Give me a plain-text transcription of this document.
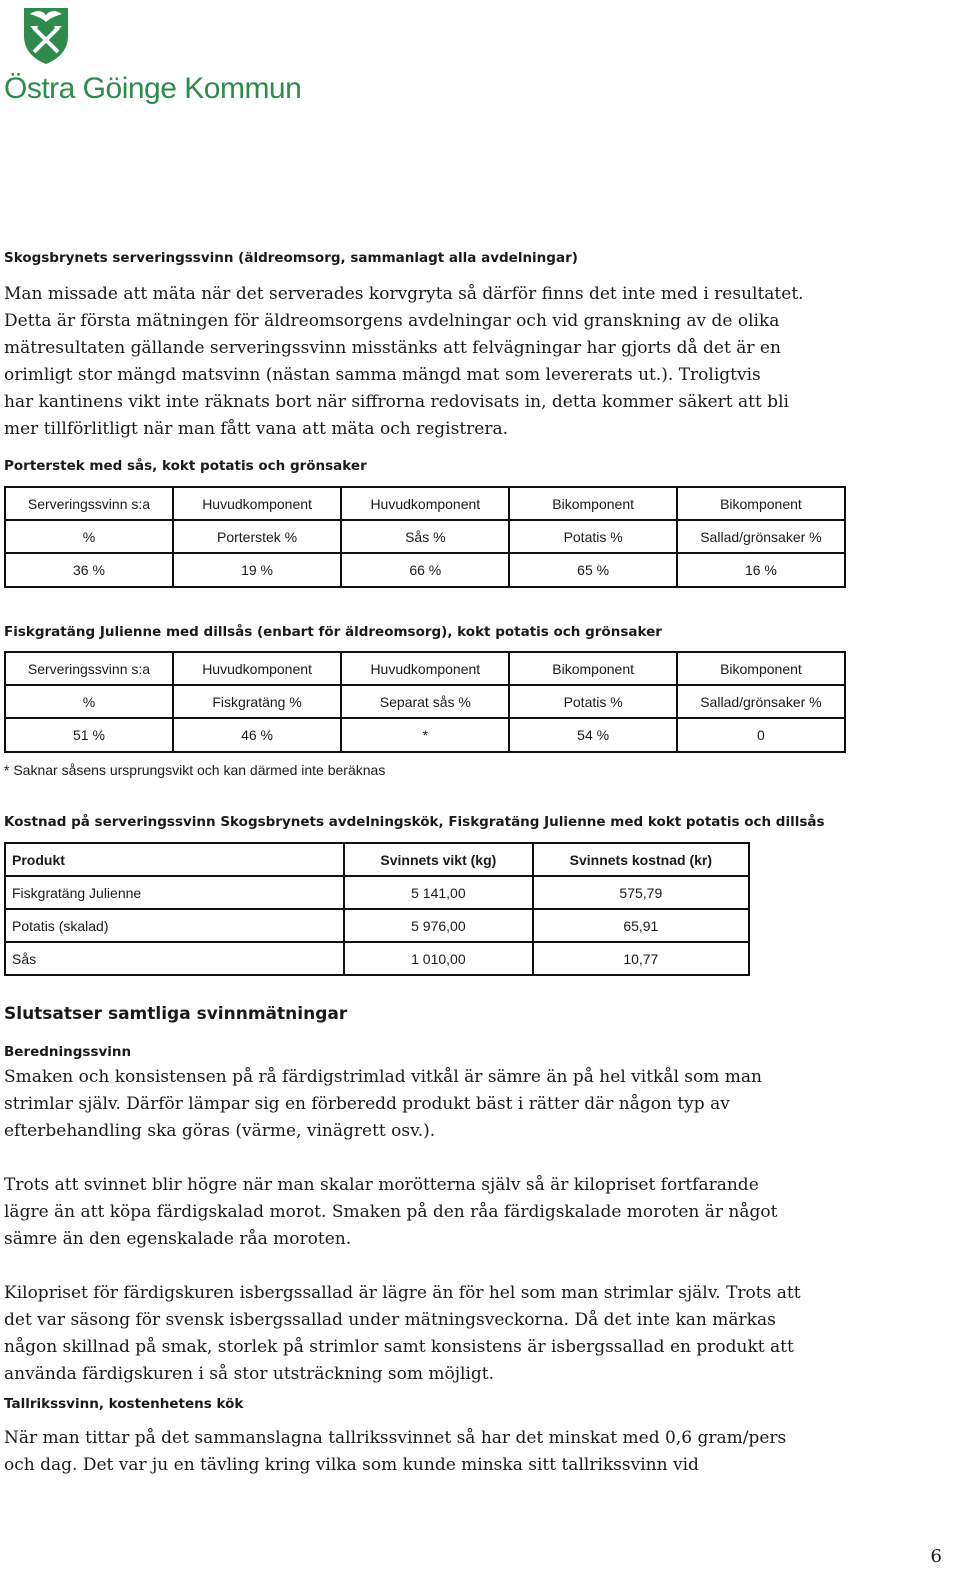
Östra Göinge Kommun
Skogsbrynets serveringssvinn (äldreomsorg, sammanlagt alla avdelningar)
Man missade att mäta när det serverades korvgryta så därför finns det inte med i resultatet.
Detta är första mätningen för äldreomsorgens avdelningar och vid granskning av de olika
mätresultaten gällande serveringssvinn misstänks att felvägningar har gjorts då det är en
orimligt stor mängd matsvinn (nästan samma mängd mat som levererats ut.). Troligtvis
har kantinens vikt inte räknats bort när siffrorna redovisats in, detta kommer säkert att bli
mer tillförlitligt när man fått vana att mäta och registrera.
Porterstek med sås, kokt potatis och grönsaker
Serveringssvinn s:a	Huvudkomponent	Huvudkomponent	Bikomponent	Bikomponent
%	Porterstek %	Sås %	Potatis %	Sallad/grönsaker %
36 %	19 %	66 %	65 %	16 %
Fiskgratäng Julienne med dillsås (enbart för äldreomsorg), kokt potatis och grönsaker
Serveringssvinn s:a	Huvudkomponent	Huvudkomponent	Bikomponent	Bikomponent
%	Fiskgratäng %	Separat sås %	Potatis %	Sallad/grönsaker %
51 %	46 %	*	54 %	0
* Saknar såsens ursprungsvikt och kan därmed inte beräknas
Kostnad på serveringssvinn Skogsbrynets avdelningskök, Fiskgratäng Julienne med kokt potatis och dillsås
Produkt	Svinnets vikt (kg)	Svinnets kostnad (kr)
Fiskgratäng Julienne	5 141,00	575,79
Potatis (skalad)	5 976,00	65,91
Sås	1 010,00	10,77
Slutsatser samtliga svinnmätningar
Beredningssvinn
Smaken och konsistensen på rå färdigstrimlad vitkål är sämre än på hel vitkål som man
strimlar själv. Därför lämpar sig en förberedd produkt bäst i rätter där någon typ av
efterbehandling ska göras (värme, vinägrett osv.).
Trots att svinnet blir högre när man skalar morötterna själv så är kilopriset fortfarande
lägre än att köpa färdigskalad morot. Smaken på den råa färdigskalade moroten är något
sämre än den egenskalade råa moroten.
Kilopriset för färdigskuren isbergssallad är lägre än för hel som man strimlar själv. Trots att
det var säsong för svensk isbergssallad under mätningsveckorna. Då det inte kan märkas
någon skillnad på smak, storlek på strimlor samt konsistens är isbergssallad en produkt att
använda färdigskuren i så stor utsträckning som möjligt.
Tallrikssvinn, kostenhetens kök
När man tittar på det sammanslagna tallrikssvinnet så har det minskat med 0,6 gram/pers
och dag. Det var ju en tävling kring vilka som kunde minska sitt tallrikssvinn vid
6
